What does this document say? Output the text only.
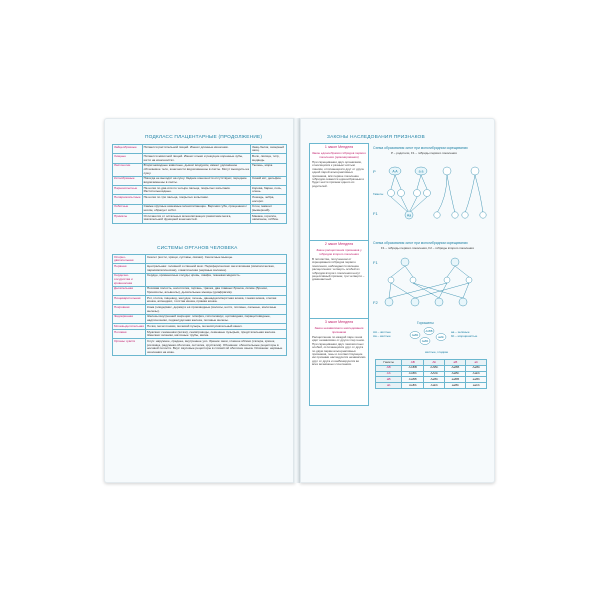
ПОДКЛАСС ПЛАЦЕНТАРНЫЕ (ПРОДОЛЖЕНИЕ)
Зайцеобразные	Питаются растительной пищей. Имеют длинные кишечник.	Заяц-беляк, северный заяц.
Хищные	Питаются животной пищей. Имеют клыки и режущие коренные зубы, когти на конечностях.	Волк, лисица, тигр, медведь.
Ластоногие	Вторичноводные животные, дышат воздухом, имеют удлинённое обтекаемое тело, конечности видоизменены в ласты. Могут выходить на сушу.	Тюлень, морж.
Китообразные	Никогда не выходят на сушу. Задние конечности отсутствуют, передние видоизменены в ласты.	Синий кит, дельфин.
Парнокопытные	На ногах по два или по четыре пальца, покрытых копытами. Растительноядные.	Корова, баран, лось, олень.
Непарнокопытные	На ногах по три пальца, покрытых копытами.	Лошадь, зебра, носорог.
Хоботные	Самые крупные наземные млекопитающие. Верхняя губа, срощенная с носом, образует хобот.	Слон, мамонт (вымерший).
Приматы	Отличаются от остальных млекопитающих развитием мозга, хватательной функцией конечностей.	Макака, горилла, шимпанзе, гиббон.
СИСТЕМЫ ОРГАНОВ ЧЕЛОВЕКА
Опорно-двигательная	Скелет (кости, хрящи, суставы, связки). Скелетные мышцы.
Нервная	Центральная: головной и спинной мозг. Периферическая: вегетативная (симпатическая, парасимпатическая), соматическая (нервные волокна).
Сердечно-сосудистая и кровеносная	Сердце, кровеносные сосуды; кровь, лимфа, тканевая жидкость.
Дыхательная	Носовая полость, носоглотка, гортань, трахея, два главных бронха, лёгкие (бронхи, бронхиолы, альвеолы), дыхательные мышцы (диафрагма).
Пищеварительная	Рот, глотка, пищевод, желудок, печень, двенадцатиперстная кишка, тонкая кишка, слепая кишка, аппендикс, толстая кишка, прямая кишка.
Покровная	Кожа (эпидермис, дерма) и её производные (волосы, ногти, потовые, сальные, молочные железы).
Эндокринная	Железы внутренней секреции: гипофиз, гипоталамус, щитовидная, паращитовидные, надпочечники, поджелудочная железа, половые железы.
Мочевыделительная	Почки, мочеточники, мочевой пузырь, мочеиспускательный канал.
Половая	Мужская: семенники (яички), семяпроводы, семенные пузырьки, предстательная железа. Женская: яичники, маточные трубы, матка.
Органы чувств	Слух: наружное, среднее, внутреннее ухо. Зрение: веки, глазное яблоко (склера, зрачок, роговица, радужная оболочка, сетчатка, хрусталик). Обоняние: обонятельные рецепторы в носовой полости. Вкус: вкусовые рецепторы в слизистой оболочке языка. Осязание: нервные окончания на коже.
ЗАКОНЫ НАСЛЕДОВАНИЯ ПРИЗНАКОВ
1 закон Менделя
Закон единообразия гибридов первого поколения (доминирования)
При скрещивании двух организмов, относящихся к разным чистым линиям, отличающихся друг от друга одной парой альтернативных признаков, всё первое поколение гибридов окажется единообразным и будет нести признак одного из родителей.
Схема образования зигот при моногибридном скрещивании
P – родители, F1 – гибриды первого поколения
P
Гаметы
F1
A A	a a
Aa
2 закон Менделя
Закон расщепления признаков у гибридов второго поколения
В потомстве, полученном от скрещивания гибридов первого поколения, наблюдается явление расщепления: четверть особей из гибридов второго поколения несут рецессивный признак, три четверти – доминантный.
Схема образования зигот при моногибридном скрещивании
F1 – гибриды первого поколения, F2 – гибриды второго поколения
F1
F2
3 закон Менделя
Закон независимого наследования признаков
Расщепление по каждой паре генов идёт независимо от других пар генов. При скрещивании двух гомозиготных особей, отличающихся друг от друга по двум парам альтернативных признаков, гены и соответствующие им признаки наследуются независимо друг от друга и комбинируются во всех возможных сочетаниях.
Горошины
AA – жёлтые Aa – жёлтые
aa – зелёные bb – морщинистые
AaBb
AABB
AaBb
aabb
жёлтые, гладкие
Гаметы	AB	Ab	aB	ab
AB	AABB	AABb	AaBB	AaBb
Ab	AABb	AAbb	AaBb	Aabb
aB	AaBB	AaBb	aaBB	aaBb
ab	AaBb	Aabb	aaBb	aabb
